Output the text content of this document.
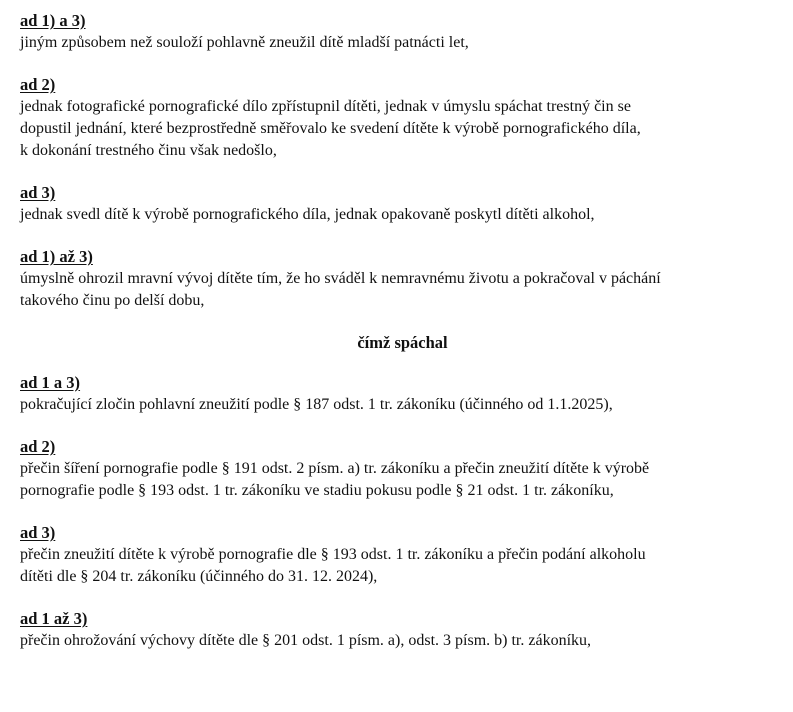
ad 1) a 3)
jiným způsobem než souloží pohlavně zneužil dítě mladší patnácti let,
ad 2)
jednak fotografické pornografické dílo zpřístupnil dítěti, jednak v úmyslu spáchat trestný čin se
dopustil jednání, které bezprostředně směřovalo ke svedení dítěte k výrobě pornografického díla,
k dokonání trestného činu však nedošlo,
ad 3)
jednak svedl dítě k výrobě pornografického díla, jednak opakovaně poskytl dítěti alkohol,
ad 1) až 3)
úmyslně ohrozil mravní vývoj dítěte tím, že ho sváděl k nemravnému životu a pokračoval v páchání
takového činu po delší dobu,
čímž spáchal
ad 1 a 3)
pokračující zločin pohlavní zneužití podle § 187 odst. 1 tr. zákoníku (účinného od 1.1.2025),
ad 2)
přečin šíření pornografie podle § 191 odst. 2 písm. a) tr. zákoníku a přečin zneužití dítěte k výrobě
pornografie podle § 193 odst. 1 tr. zákoníku ve stadiu pokusu podle § 21 odst. 1 tr. zákoníku,
ad 3)
přečin zneužití dítěte k výrobě pornografie dle § 193 odst. 1 tr. zákoníku a přečin podání alkoholu
dítěti dle § 204 tr. zákoníku (účinného do 31. 12. 2024),
ad 1 až 3)
přečin ohrožování výchovy dítěte dle § 201 odst. 1 písm. a), odst. 3 písm. b) tr. zákoníku,
